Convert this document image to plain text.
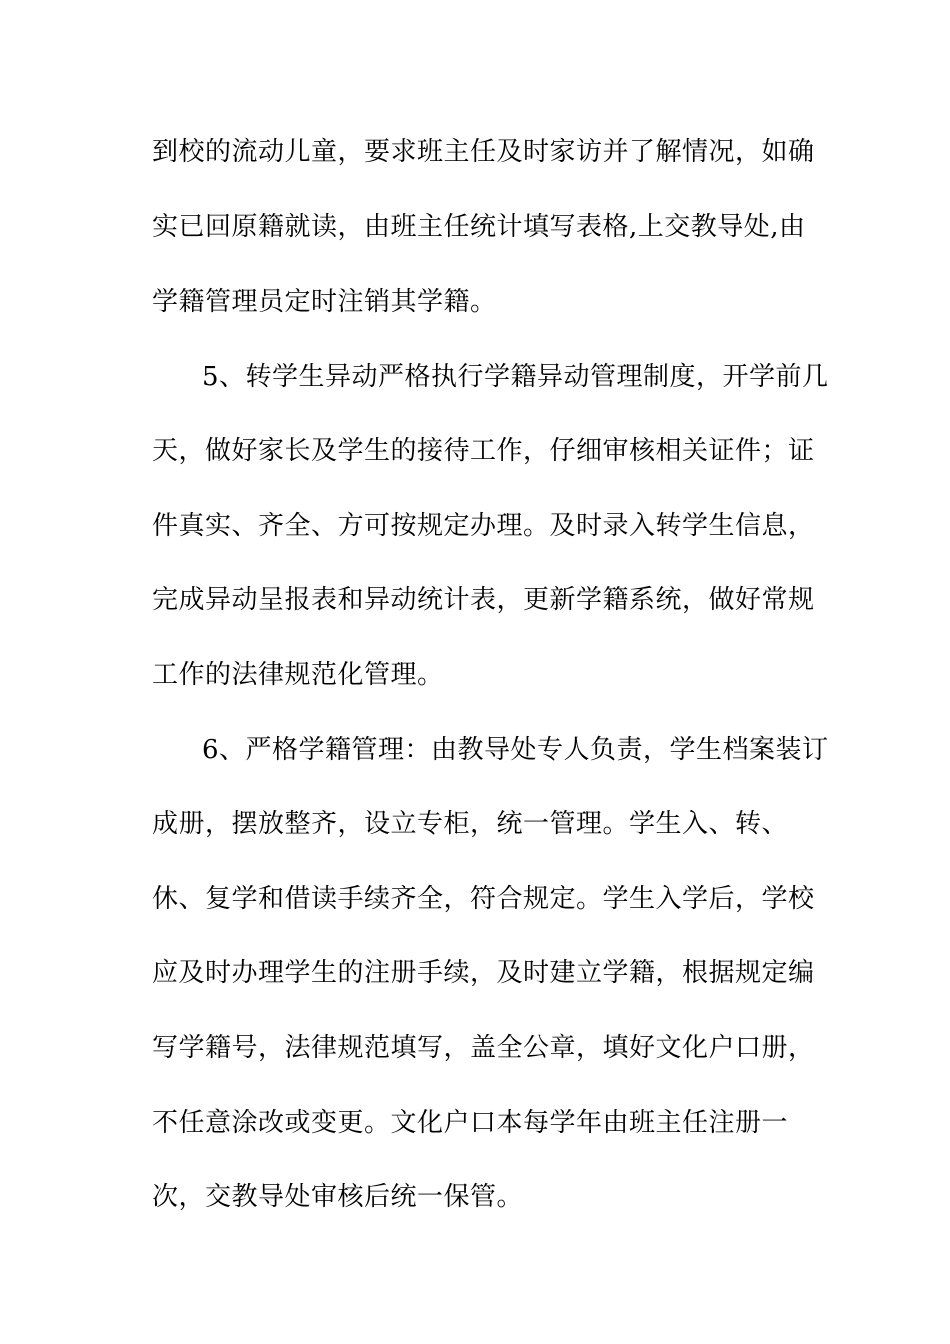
到校的流动儿童，要求班主任及时家访并了解情况，如确
实已回原籍就读，由班主任统计填写表格,上交教导处,由
学籍管理员定时注销其学籍。
5、转学生异动严格执行学籍异动管理制度，开学前几
天，做好家长及学生的接待工作，仔细审核相关证件；证
件真实、齐全、方可按规定办理。及时录入转学生信息，
完成异动呈报表和异动统计表，更新学籍系统，做好常规
工作的法律规范化管理。
6、严格学籍管理：由教导处专人负责，学生档案装订
成册，摆放整齐，设立专柜，统一管理。学生入、转、
休、复学和借读手续齐全，符合规定。学生入学后，学校
应及时办理学生的注册手续，及时建立学籍，根据规定编
写学籍号，法律规范填写，盖全公章，填好文化户口册，
不任意涂改或变更。文化户口本每学年由班主任注册一
次，交教导处审核后统一保管。
